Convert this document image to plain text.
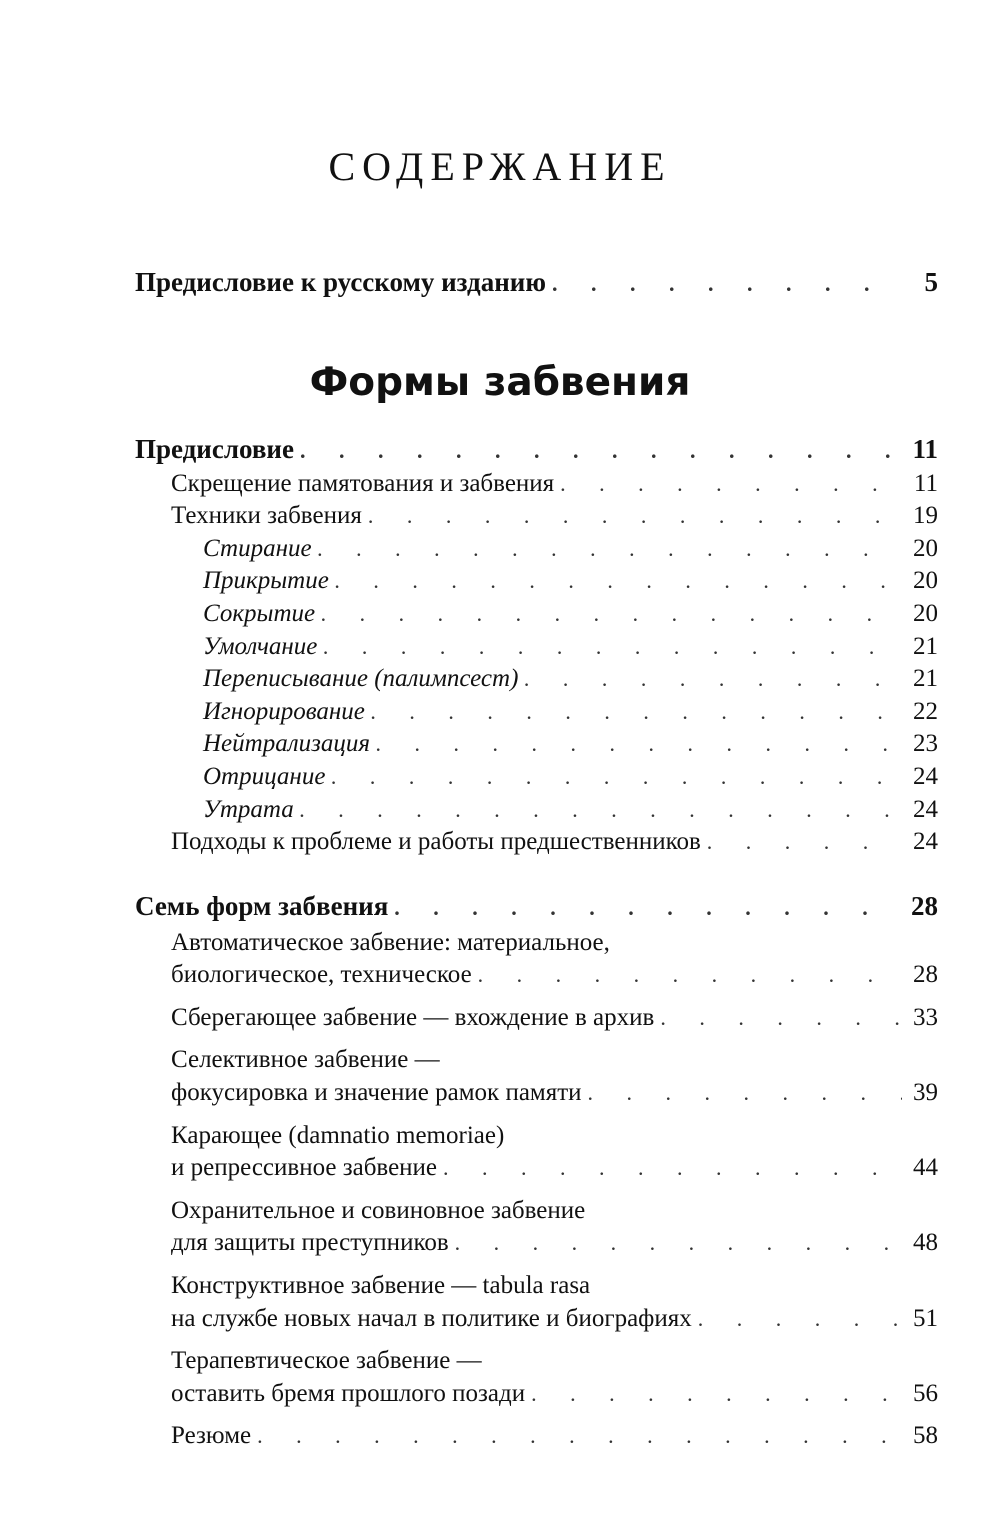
СОДЕРЖАНИЕ
Предисловие к русскому изданию . . .	5
Формы забвения
Предисловие . . .	11
Скрещение памятования и забвения . . .	11
Техники забвения . . .	19
Стирание . . .	20
Прикрытие . . .	20
Сокрытие . . .	20
Умолчание . . .	21
Переписывание (палимпсест) . . .	21
Игнорирование . . .	22
Нейтрализация . . .	23
Отрицание . . .	24
Утрата . . .	24
Подходы к проблеме и работы предшественников . . .	24
Семь форм забвения . . .	28
Автоматическое забвение: материальное,
биологическое, техническое . . .	28
Сберегающее забвение — вхождение в архив . . .	33
Селективное забвение —
фокусировка и значение рамок памяти . . .	39
Карающее (damnatio memoriae)
и репрессивное забвение . . .	44
Охранительное и совиновное забвение
для защиты преступников . . .	48
Конструктивное забвение — tabula rasa
на службе новых начал в политике и биографиях . . .	51
Терапевтическое забвение —
оставить бремя прошлого позади . . .	56
Резюме . . .	58
